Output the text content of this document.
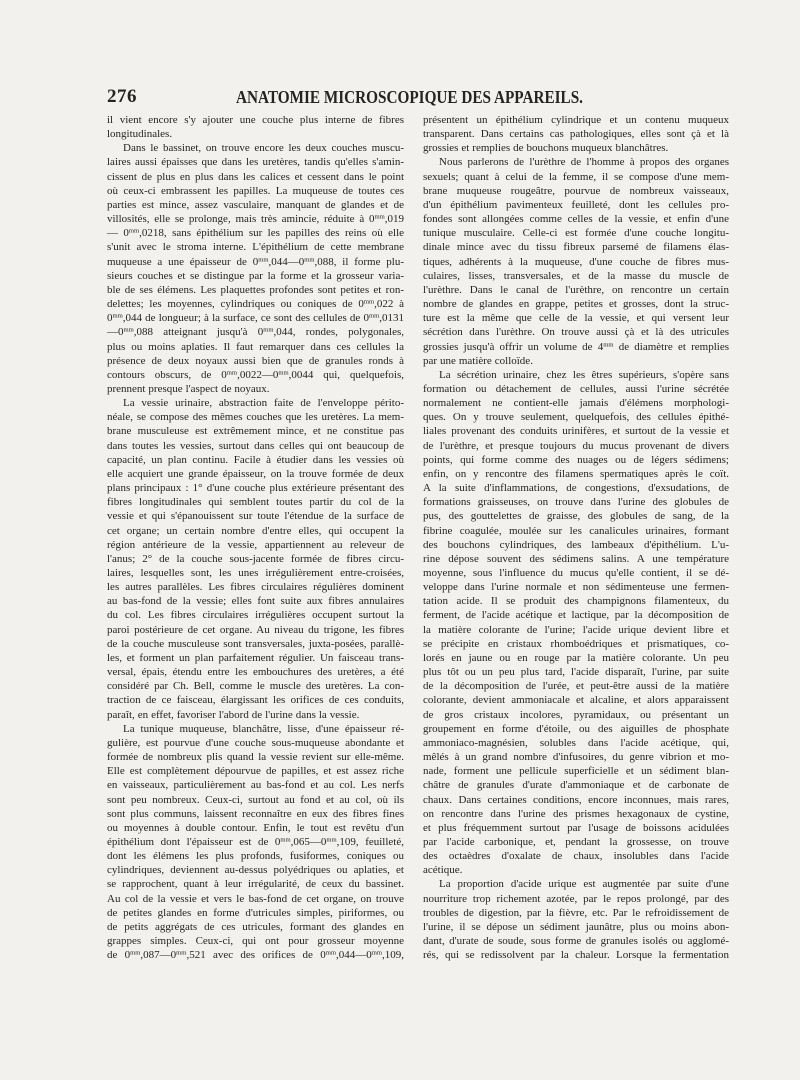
276	ANATOMIE MICROSCOPIQUE DES APPAREILS.
il vient encore s'y ajouter une couche plus interne de fibres
longitudinales.
Dans le bassinet, on trouve encore les deux couches muscu-
laires aussi épaisses que dans les uretères, tandis qu'elles s'amin-
cissent de plus en plus dans les calices et cessent dans le point
où ceux-ci embrassent les papilles. La muqueuse de toutes ces
parties est mince, assez vasculaire, manquant de glandes et de
villosités, elle se prolonge, mais très amincie, réduite à $0^{mm},019$
— $0^{mm},0218$, sans épithélium sur les papilles des reins où elle
s'unit avec le stroma interne. L'épithélium de cette membrane
muqueuse a une épaisseur de $0^{mm},044—0^{mm},088$, il forme plu-
sieurs couches et se distingue par la forme et la grosseur varia-
ble de ses élémens. Les plaquettes profondes sont petites et ron-
delettes; les moyennes, cylindriques ou coniques de $0^{mm},022$ à
$0^{mm},044$ de longueur; à la surface, ce sont des cellules de $0^{mm},0131$
$—0^{mm},088$ atteignant jusqu'à $0^{mm},044$, rondes, polygonales,
plus ou moins aplaties. Il faut remarquer dans ces cellules la
présence de deux noyaux aussi bien que de granules ronds à
contours obscurs, de $0^{mm},0022—0^{mm},0044$ qui, quelquefois,
prennent presque l'aspect de noyaux.
La vessie urinaire, abstraction faite de l'enveloppe périto-
néale, se compose des mêmes couches que les uretères. La mem-
brane musculeuse est extrêmement mince, et ne constitue pas
dans toutes les vessies, surtout dans celles qui ont beaucoup de
capacité, un plan continu. Facile à étudier dans les vessies où
elle acquiert une grande épaisseur, on la trouve formée de deux
plans principaux : 1° d'une couche plus extérieure présentant des
fibres longitudinales qui semblent toutes partir du col de la
vessie et qui s'épanouissent sur toute l'étendue de la surface de
cet organe; un certain nombre d'entre elles, qui occupent la
région antérieure de la vessie, appartiennent au releveur de
l'anus; 2° de la couche sous-jacente formée de fibres circu-
laires, lesquelles sont, les unes irrégulièrement entre-croisées,
les autres parallèles. Les fibres circulaires régulières dominent
au bas-fond de la vessie; elles font suite aux fibres annulaires
du col. Les fibres circulaires irrégulières occupent surtout la
paroi postérieure de cet organe. Au niveau du trigone, les fibres
de la couche musculeuse sont transversales, juxta-posées, parallè-
les, et forment un plan parfaitement régulier. Un faisceau trans-
versal, épais, étendu entre les embouchures des uretères, a été
considéré par Ch. Bell, comme le muscle des uretères. La con-
traction de ce faisceau, élargissant les orifices de ces conduits,
paraît, en effet, favoriser l'abord de l'urine dans la vessie.
La tunique muqueuse, blanchâtre, lisse, d'une épaisseur ré-
gulière, est pourvue d'une couche sous-muqueuse abondante et
formée de nombreux plis quand la vessie revient sur elle-même.
Elle est complètement dépourvue de papilles, et est assez riche
en vaisseaux, particulièrement au bas-fond et au col. Les nerfs
sont peu nombreux. Ceux-ci, surtout au fond et au col, où ils
sont plus communs, laissent reconnaître en eux des fibres fines
ou moyennes à double contour. Enfin, le tout est revêtu d'un
épithélium dont l'épaisseur est de $0^{mm},065—0^{mm},109$, feuilleté,
dont les élémens les plus profonds, fusiformes, coniques ou
cylindriques, deviennent au-dessus polyédriques ou aplaties, et
se rapprochent, quant à leur irrégularité, de ceux du bassinet.
Au col de la vessie et vers le bas-fond de cet organe, on trouve
de petites glandes en forme d'utricules simples, piriformes, ou
de petits aggrégats de ces utricules, formant des glandes en
grappes simples. Ceux-ci, qui ont pour grosseur moyenne
de $0^{mm},087—0^{mm},521$ avec des orifices de $0^{mm},044—0^{mm},109$,
présentent un épithélium cylindrique et un contenu muqueux
transparent. Dans certains cas pathologiques, elles sont çà et là
grossies et remplies de bouchons muqueux blanchâtres.
Nous parlerons de l'urèthre de l'homme à propos des organes
sexuels; quant à celui de la femme, il se compose d'une mem-
brane muqueuse rougeâtre, pourvue de nombreux vaisseaux,
d'un épithélium pavimenteux feuilleté, dont les cellules pro-
fondes sont allongées comme celles de la vessie, et enfin d'une
tunique musculaire. Celle-ci est formée d'une couche longitu-
dinale mince avec du tissu fibreux parsemé de filamens élas-
tiques, adhérents à la muqueuse, d'une couche de fibres mus-
culaires, lisses, transversales, et de la masse du muscle de
l'urèthre. Dans le canal de l'urèthre, on rencontre un certain
nombre de glandes en grappe, petites et grosses, dont la struc-
ture est la même que celle de la vessie, et qui versent leur
sécrétion dans l'urèthre. On trouve aussi çà et là des utricules
grossies jusqu'à offrir un volume de $4^{mm}$ de diamètre et remplies
par une matière colloïde.
La sécrétion urinaire, chez les êtres supérieurs, s'opère sans
formation ou détachement de cellules, aussi l'urine sécrétée
normalement ne contient-elle jamais d'élémens morphologi-
ques. On y trouve seulement, quelquefois, des cellules épithé-
liales provenant des conduits urinifères, et surtout de la vessie et
de l'urèthre, et presque toujours du mucus provenant de divers
points, qui forme comme des nuages ou de légers sédimens;
enfin, on y rencontre des filamens spermatiques après le coït.
A la suite d'inflammations, de congestions, d'exsudations, de
formations graisseuses, on trouve dans l'urine des globules de
pus, des gouttelettes de graisse, des globules de sang, de la
fibrine coagulée, moulée sur les canalicules urinaires, formant
des bouchons cylindriques, des lambeaux d'épithélium. L'u-
rine dépose souvent des sédimens salins. A une température
moyenne, sous l'influence du mucus qu'elle contient, il se dé-
veloppe dans l'urine normale et non sédimenteuse une fermen-
tation acide. Il se produit des champignons filamenteux, du
ferment, de l'acide acétique et lactique, par la décomposition de
la matière colorante de l'urine; l'acide urique devient libre et
se précipite en cristaux rhomboédriques et prismatiques, co-
lorés en jaune ou en rouge par la matière colorante. Un peu
plus tôt ou un peu plus tard, l'acide disparaît, l'urine, par suite
de la décomposition de l'urée, et peut-être aussi de la matière
colorante, devient ammoniacale et alcaline, et alors apparaissent
de gros cristaux incolores, pyramidaux, ou présentant un
groupement en forme d'étoile, ou des aiguilles de phosphate
ammoniaco-magnésien, solubles dans l'acide acétique, qui,
mêlés à un grand nombre d'infusoires, du genre vibrion et mo-
nade, forment une pellicule superficielle et un sédiment blan-
châtre de granules d'urate d'ammoniaque et de carbonate de
chaux. Dans certaines conditions, encore inconnues, mais rares,
on rencontre dans l'urine des prismes hexagonaux de cystine,
et plus fréquemment surtout par l'usage de boissons acidulées
par l'acide carbonique, et, pendant la grossesse, on trouve
des octaèdres d'oxalate de chaux, insolubles dans l'acide
acétique.
La proportion d'acide urique est augmentée par suite d'une
nourriture trop richement azotée, par le repos prolongé, par des
troubles de digestion, par la fièvre, etc. Par le refroidissement de
l'urine, il se dépose un sédiment jaunâtre, plus ou moins abon-
dant, d'urate de soude, sous forme de granules isolés ou agglomé-
rés, qui se redissolvent par la chaleur. Lorsque la fermentation
